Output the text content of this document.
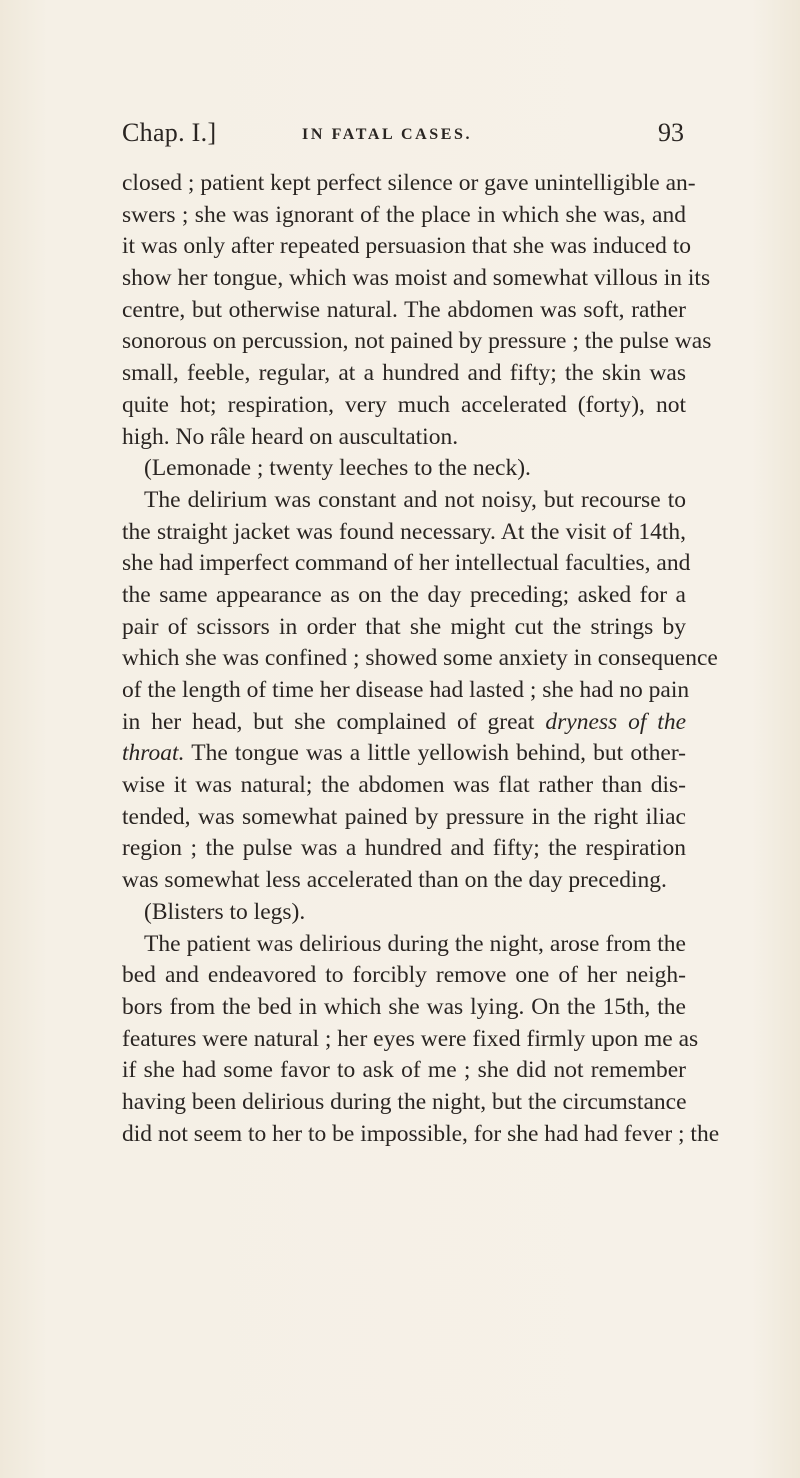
Chap. I.]	IN FATAL CASES.	93
closed ; patient kept perfect silence or gave unintelligible an-
swers ; she was ignorant of the place in which she was, and
it was only after repeated persuasion that she was induced to
show her tongue, which was moist and somewhat villous in its
centre, but otherwise natural. The abdomen was soft, rather
sonorous on percussion, not pained by pressure ; the pulse was
small, feeble, regular, at a hundred and fifty; the skin was
quite hot; respiration, very much accelerated (forty), not
high. No râle heard on auscultation.
(Lemonade ; twenty leeches to the neck).
The delirium was constant and not noisy, but recourse to
the straight jacket was found necessary. At the visit of 14th,
she had imperfect command of her intellectual faculties, and
the same appearance as on the day preceding; asked for a
pair of scissors in order that she might cut the strings by
which she was confined ; showed some anxiety in consequence
of the length of time her disease had lasted ; she had no pain
in her head, but she complained of great dryness of the
throat. The tongue was a little yellowish behind, but other-
wise it was natural; the abdomen was flat rather than dis-
tended, was somewhat pained by pressure in the right iliac
region ; the pulse was a hundred and fifty; the respiration
was somewhat less accelerated than on the day preceding.
(Blisters to legs).
The patient was delirious during the night, arose from the
bed and endeavored to forcibly remove one of her neigh-
bors from the bed in which she was lying. On the 15th, the
features were natural ; her eyes were fixed firmly upon me as
if she had some favor to ask of me ; she did not remember
having been delirious during the night, but the circumstance
did not seem to her to be impossible, for she had had fever ; the
